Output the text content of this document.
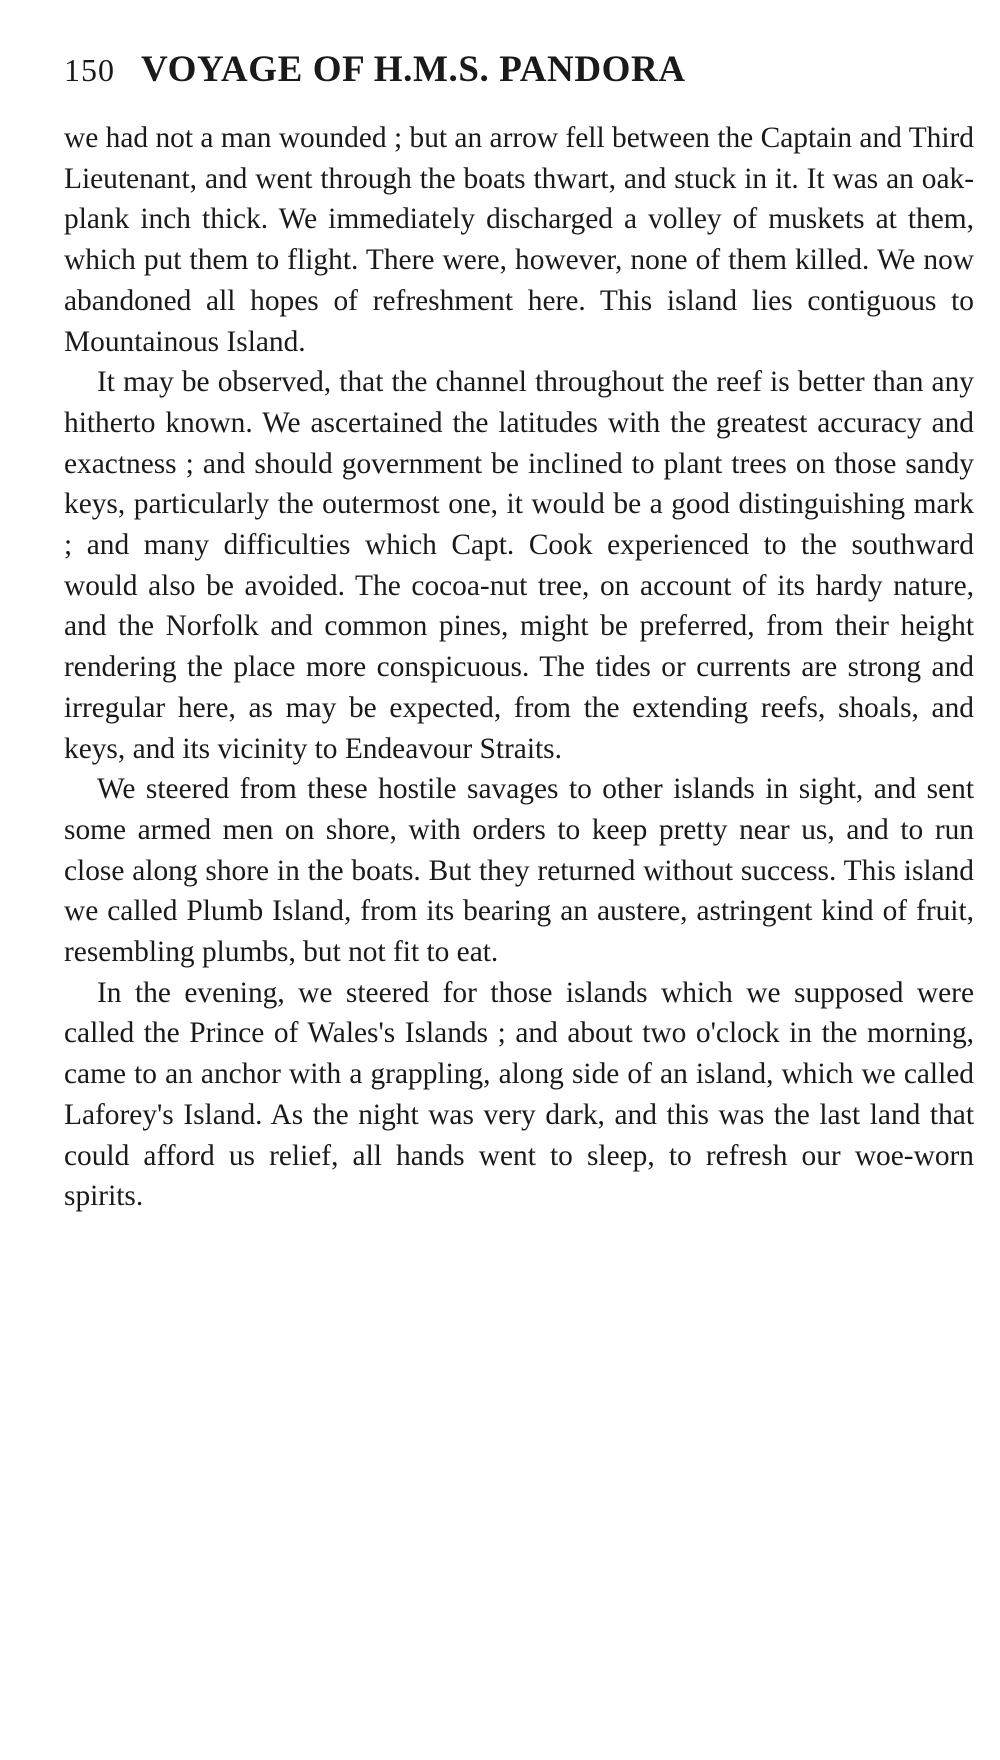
150 VOYAGE OF H.M.S. PANDORA

we had not a man wounded ; but an arrow fell between the Captain and Third Lieutenant, and went through the boats thwart, and stuck in it. It was an oak-plank inch thick. We immediately discharged a volley of muskets at them, which put them to flight. There were, however, none of them killed. We now abandoned all hopes of refreshment here. This island lies contiguous to Mountainous Island.

It may be observed, that the channel throughout the reef is better than any hitherto known. We ascertained the latitudes with the greatest accuracy and exactness ; and should government be inclined to plant trees on those sandy keys, particularly the outermost one, it would be a good distinguishing mark ; and many difficulties which Capt. Cook experienced to the southward would also be avoided. The cocoa-nut tree, on account of its hardy nature, and the Norfolk and common pines, might be preferred, from their height rendering the place more conspicuous. The tides or currents are strong and irregular here, as may be expected, from the extending reefs, shoals, and keys, and its vicinity to Endeavour Straits.

We steered from these hostile savages to other islands in sight, and sent some armed men on shore, with orders to keep pretty near us, and to run close along shore in the boats. But they returned without success. This island we called Plumb Island, from its bearing an austere, astringent kind of fruit, resembling plumbs, but not fit to eat.

In the evening, we steered for those islands which we supposed were called the Prince of Wales's Islands ; and about two o'clock in the morning, came to an anchor with a grappling, along side of an island, which we called Laforey's Island. As the night was very dark, and this was the last land that could afford us relief, all hands went to sleep, to refresh our woe-worn spirits.
